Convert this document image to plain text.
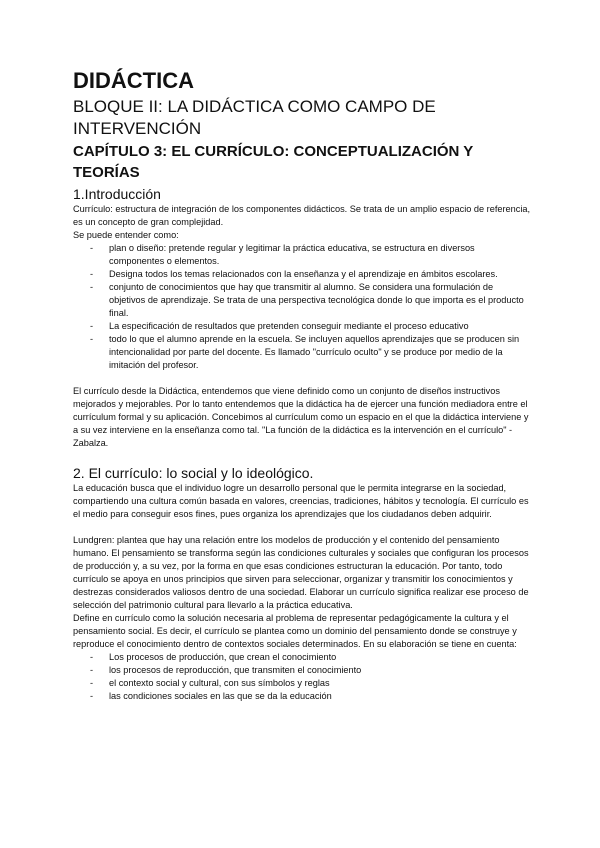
DIDÁCTICA
BLOQUE II: LA DIDÁCTICA COMO CAMPO DE INTERVENCIÓN
CAPÍTULO 3: EL CURRÍCULO: CONCEPTUALIZACIÓN Y TEORÍAS
1.Introducción

Currículo: estructura de integración de los componentes didácticos. Se trata de un amplio espacio de referencia, es un concepto de gran complejidad.

Se puede entender como:

- plan o diseño: pretende regular y legitimar la práctica educativa, se estructura en diversos componentes o elementos.
- Designa todos los temas relacionados con la enseñanza y el aprendizaje en ámbitos escolares.
- conjunto de conocimientos que hay que transmitir al alumno. Se considera una formulación de objetivos de aprendizaje. Se trata de una perspectiva tecnológica donde lo que importa es el producto final.
- La especificación de resultados que pretenden conseguir mediante el proceso educativo
- todo lo que el alumno aprende en la escuela. Se incluyen aquellos aprendizajes que se producen sin intencionalidad por parte del docente. Es llamado "currículo oculto" y se produce por medio de la imitación del profesor.

El currículo desde la Didáctica, entendemos que viene definido como un conjunto de diseños instructivos mejorados y mejorables. Por lo tanto entendemos que la didáctica ha de ejercer una función mediadora entre el currículum formal y su aplicación. Concebimos al currículum como un espacio en el que la didáctica interviene y a su vez interviene en la enseñanza como tal. "La función de la didáctica es la intervención en el currículo" - Zabalza.

2. El currículo: lo social y lo ideológico.

La educación busca que el individuo logre un desarrollo personal que le permita integrarse en la sociedad, compartiendo una cultura común basada en valores, creencias, tradiciones, hábitos y tecnología. El currículo es el medio para conseguir esos fines, pues organiza los aprendizajes que los ciudadanos deben adquirir.

Lundgren: plantea que hay una relación entre los modelos de producción y el contenido del pensamiento humano. El pensamiento se transforma según las condiciones culturales y sociales que configuran los procesos de producción y, a su vez, por la forma en que esas condiciones estructuran la educación. Por tanto, todo currículo se apoya en unos principios que sirven para seleccionar, organizar y transmitir los conocimientos y destrezas considerados valiosos dentro de una sociedad. Elaborar un currículo significa realizar ese proceso de selección del patrimonio cultural para llevarlo a la práctica educativa.

Define en currículo como la solución necesaria al problema de representar pedagógicamente la cultura y el pensamiento social. Es decir, el currículo se plantea como un dominio del pensamiento donde se construye y reproduce el conocimiento dentro de contextos sociales determinados. En su elaboración se tiene en cuenta:

- Los procesos de producción, que crean el conocimiento
- los procesos de reproducción, que transmiten el conocimiento
- el contexto social y cultural, con sus símbolos y reglas
- las condiciones sociales en las que se da la educación
